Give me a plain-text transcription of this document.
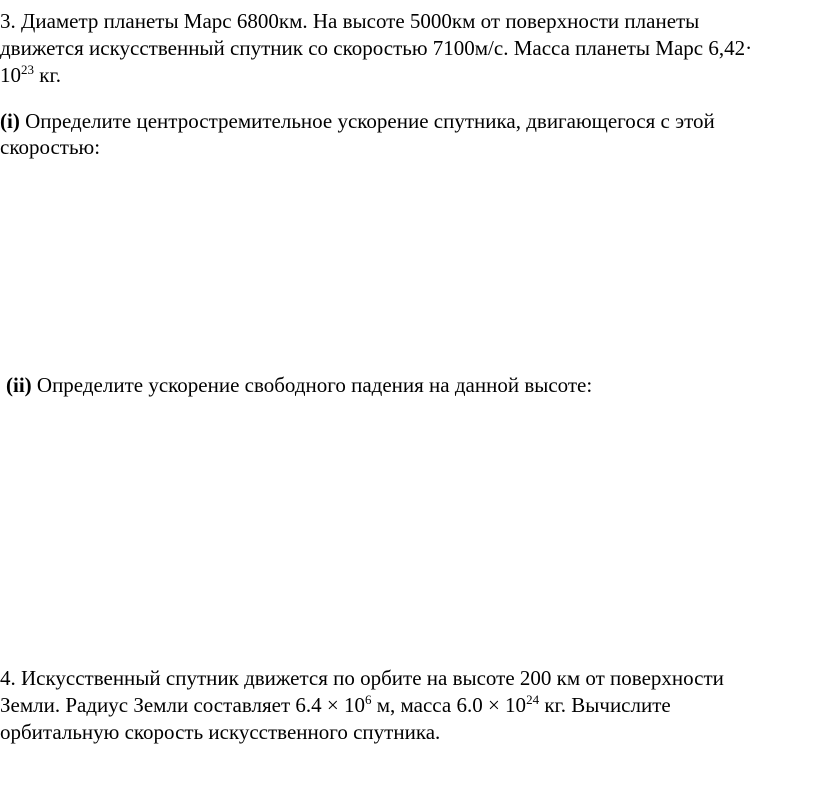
3. Диаметр планеты Марс 6800км. На высоте 5000км от поверхности планеты
движется искусственный спутник со скоростью 7100м/с. Масса планеты Марс 6,42·
$10^{23}$ кг.
(i) Определите центростремительное ускорение спутника, двигающегося с этой
скоростью:
(ii) Определите ускорение свободного падения на данной высоте:
4. Искусственный спутник движется по орбите на высоте 200 км от поверхности
Земли. Радиус Земли составляет $6.4 \times 10^6$ м, масса $6.0 \times 10^{24}$ кг. Вычислите
орбитальную скорость искусственного спутника.
